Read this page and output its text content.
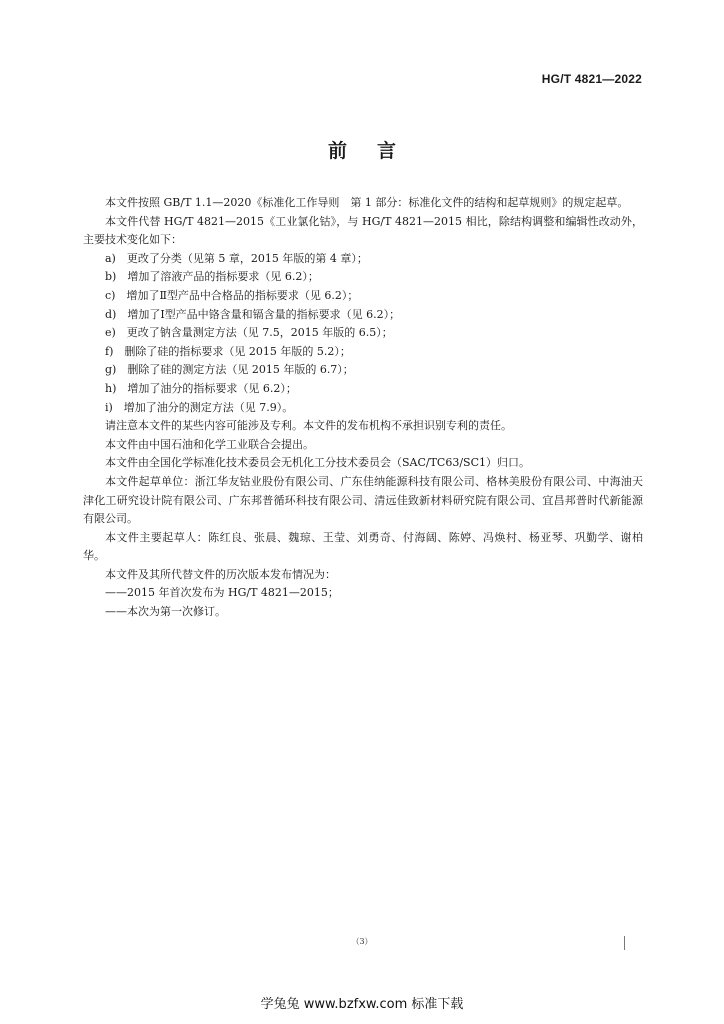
HG/T 4821—2022
前言

本文件按照 GB/T 1.1—2020《标准化工作导则　第 1 部分：标准化文件的结构和起草规则》的规定起草。

本文件代替 HG/T 4821—2015《工业氯化钴》，与 HG/T 4821—2015 相比，除结构调整和编辑性改动外，主要技术变化如下：

a)　更改了分类（见第 5 章，2015 年版的第 4 章）；

b)　增加了溶液产品的指标要求（见 6.2）；

c)　增加了Ⅱ型产品中合格品的指标要求（见 6.2）；

d)　增加了Ⅰ型产品中铬含量和镉含量的指标要求（见 6.2）；

e)　更改了钠含量测定方法（见 7.5，2015 年版的 6.5）；

f)　删除了硅的指标要求（见 2015 年版的 5.2）；

g)　删除了硅的测定方法（见 2015 年版的 6.7）；

h)　增加了油分的指标要求（见 6.2）；

i)　增加了油分的测定方法（见 7.9）。

请注意本文件的某些内容可能涉及专利。本文件的发布机构不承担识别专利的责任。

本文件由中国石油和化学工业联合会提出。

本文件由全国化学标准化技术委员会无机化工分技术委员会（SAC/TC63/SC1）归口。

本文件起草单位：浙江华友钴业股份有限公司、广东佳纳能源科技有限公司、格林美股份有限公司、中海油天津化工研究设计院有限公司、广东邦普循环科技有限公司、清远佳致新材料研究院有限公司、宜昌邦普时代新能源有限公司。

本文件主要起草人：陈红良、张晨、魏琼、王莹、刘勇奇、付海阔、陈婷、冯焕村、杨亚琴、巩勤学、谢柏华。

本文件及其所代替文件的历次版本发布情况为：

——2015 年首次发布为 HG/T 4821—2015；

——本次为第一次修订。

（3）
学兔兔 www.bzfxw.com 标准下载
